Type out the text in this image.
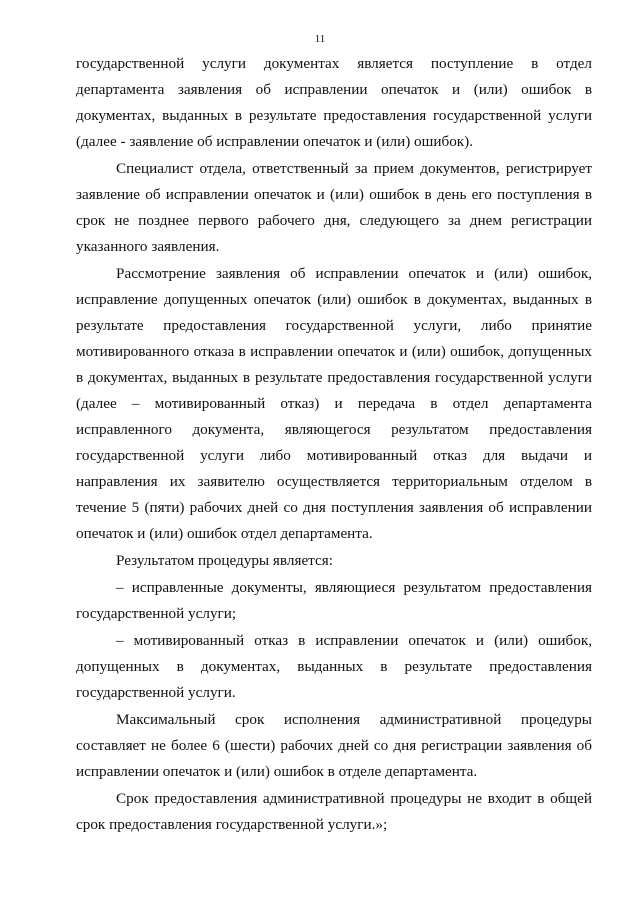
11

государственной услуги документах является поступление в отдел департамента заявления об исправлении опечаток и (или) ошибок в документах, выданных в результате предоставления государственной услуги (далее - заявление об исправлении опечаток и (или) ошибок).

Специалист отдела, ответственный за прием документов, регистрирует заявление об исправлении опечаток и (или) ошибок в день его поступления в срок не позднее первого рабочего дня, следующего за днем регистрации указанного заявления.

Рассмотрение заявления об исправлении опечаток и (или) ошибок, исправление допущенных опечаток (или) ошибок в документах, выданных в результате предоставления государственной услуги, либо принятие мотивированного отказа в исправлении опечаток и (или) ошибок, допущенных в документах, выданных в результате предоставления государственной услуги (далее – мотивированный отказ) и передача в отдел департамента исправленного документа, являющегося результатом предоставления государственной услуги либо мотивированный отказ для выдачи и направления их заявителю осуществляется территориальным отделом в течение 5 (пяти) рабочих дней со дня поступления заявления об исправлении опечаток и (или) ошибок отдел департамента.

Результатом процедуры является:

– исправленные документы, являющиеся результатом предоставления государственной услуги;

– мотивированный отказ в исправлении опечаток и (или) ошибок, допущенных в документах, выданных в результате предоставления государственной услуги.

Максимальный срок исполнения административной процедуры составляет не более 6 (шести) рабочих дней со дня регистрации заявления об исправлении опечаток и (или) ошибок в отделе департамента.

Срок предоставления административной процедуры не входит в общей срок предоставления государственной услуги.»;
